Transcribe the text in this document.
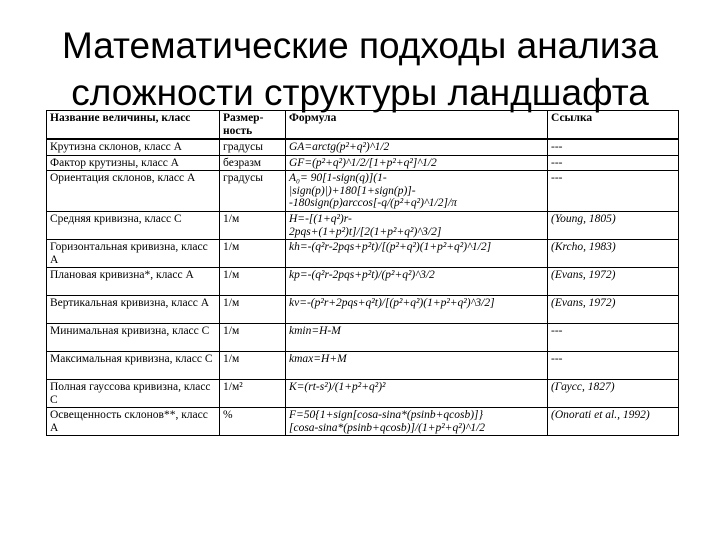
Математические подходы анализа
сложности структуры ландшафта
Название величины, класс	Размер-ность	Формула	Ссылка
Крутизна склонов, класс А	градусы	GA=arctg(p²+q²)^1/2	---
Фактор крутизны, класс А	безразм	GF=(p²+q²)^1/2/[1+p²+q²]^1/2	---
Ориентация склонов, класс А	градусы	A₀= 90[1-sign(q)](1-
|sign(p)|)+180[1+sign(p)]-
-180sign(p)arccos[-q/(p²+q²)^1/2]/π	---
Средняя кривизна, класс С	1/м	H=-[(1+q²)r-
2pqs+(1+p²)t]/[2(1+p²+q²)^3/2]	(Young, 1805)
Горизонтальная кривизна, класс А	1/м	kh=-(q²r-2pqs+p²t)/[(p²+q²)(1+p²+q²)^1/2]	(Krcho, 1983)
Плановая кривизна*, класс А	1/м	kp=-(q²r-2pqs+p²t)/(p²+q²)^3/2	(Evans, 1972)
Вертикальная кривизна, класс А	1/м	kv=-(p²r+2pqs+q²t)/[(p²+q²)(1+p²+q²)^3/2]	(Evans, 1972)
Минимальная кривизна, класс С	1/м	kmin=H-M	---
Максимальная кривизна, класс С	1/м	kmax=H+M	---
Полная гауссова кривизна, класс С	1/м²	K=(rt-s²)/(1+p²+q²)²	(Гаусс, 1827)
Освещенность склонов**, класс А	%	F=50{1+sign[cosa-sina*(psinb+qcosb)]}
[cosa-sina*(psinb+qcosb)]/(1+p²+q²)^1/2	(Onorati et al., 1992)
